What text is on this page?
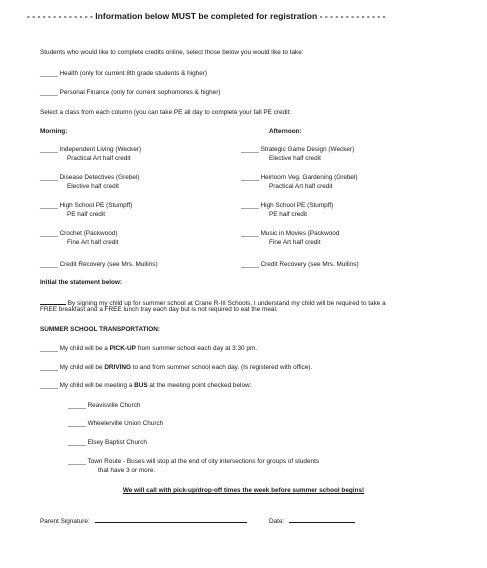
- - - - - - - - - - - - - Information below MUST be completed for registration - - - - - - - - - - - - -
Students who would like to complete credits online, select those below you would like to take:
_____ Health (only for current 8th grade students & higher)
_____ Personal Finance (only for current sophomores & higher)
Select a class from each column (you can take PE all day to complete your fall PE credit:
Morning:	Afternoon:
_____ Independent Living (Wecker)
Practical Art half credit
_____ Disease Detectives (Grebel)
Elective half credit
_____ High School PE (Stumpff)
PE half credit
_____ Crochet (Packwood)
Fine Art half credit
_____ Credit Recovery (see Mrs. Mullins)
_____ Strategic Game Design (Wecker)
Elective half credit
_____ Heirloom Veg. Gardening (Grebel)
Practical Art half credit
_____ High School PE (Stumpff)
PE half credit
_____ Music in Movies (Packwood
Fine Art half credit
_____ Credit Recovery (see Mrs. Mullins)
Initial the statement below:
By signing my child up for summer school at Crane R-III Schools, I understand my child will be required to take a
FREE breakfast and a FREE lunch tray each day but is not required to eat the meal.
SUMMER SCHOOL TRANSPORTATION:
_____ My child will be a PICK-UP from summer school each day at 3:30 pm.
_____ My child will be DRIVING to and from summer school each day. (Is registered with office).
_____ My child will be meeting a BUS at the meeting point checked below:
_____ Reavisville Church
_____ Wheelerville Union Church
_____ Elsey Baptist Church
_____ Town Route - Buses will stop at the end of city intersections for groups of students
that have 3 or more.
We will call with pick-up/drop-off times the week before summer school begins!
Parent Signature:	Date:
